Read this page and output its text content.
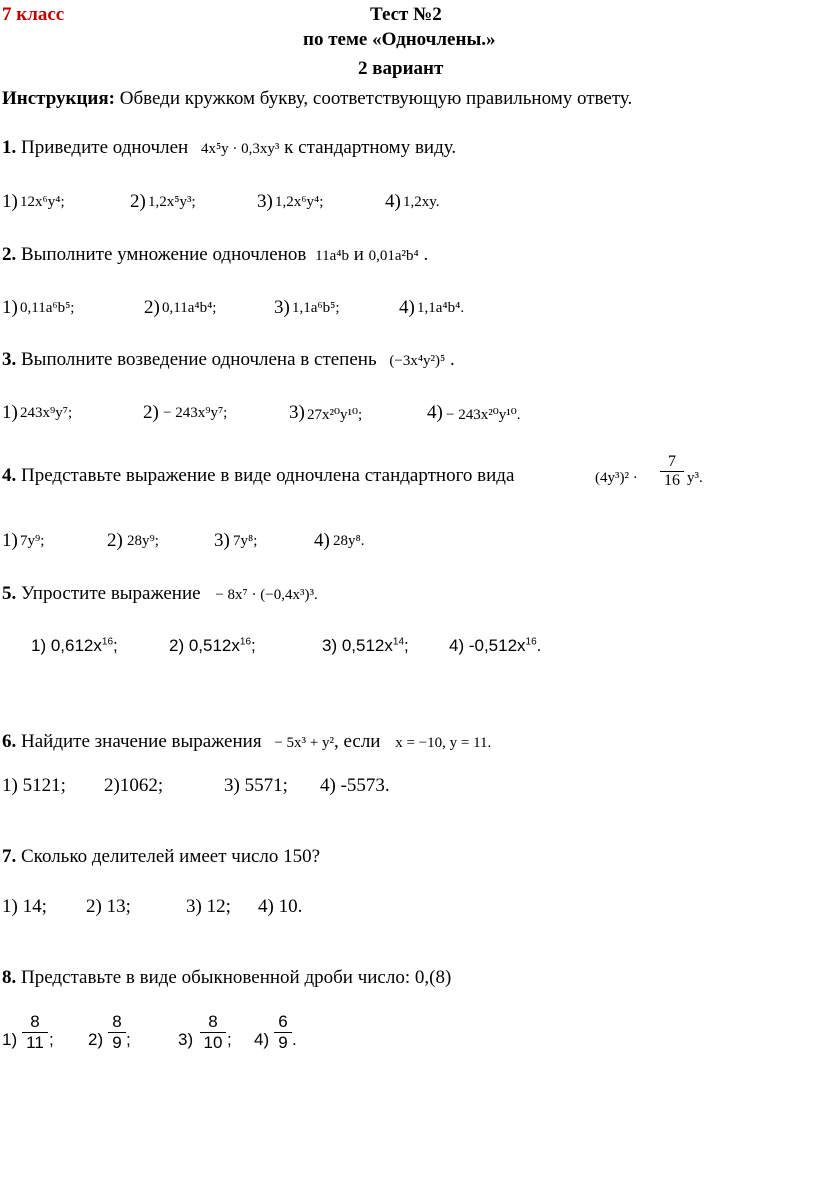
7 класс	Тест №2
по теме «Одночлены.»
2 вариант
Инструкция: Обведи кружком букву, соответствующую правильному ответу.
1. Приведите одночлен 4x⁵y · 0,3xy³ к стандартному виду.
1) 12x⁶y⁴;	2) 1,2x⁵y³;	3) 1,2x⁶y⁴;	4) 1,2xy.
2. Выполните умножение одночленов 11a⁴b и 0,01a²b⁴ .
1) 0,11a⁶b⁵;	2) 0,11a⁴b⁴;	3) 1,1a⁶b⁵;	4) 1,1a⁴b⁴.
3. Выполните возведение одночлена в степень (−3x⁴y²)⁵ .
1) 243x⁹y⁷;	2) − 243x⁹y⁷;	3) 27x²⁰y¹⁰;	4) − 243x²⁰y¹⁰.
4. Представьте выражение в виде одночлена стандартного вида	$(4y^3)^2 \cdot \frac{7}{16} y^3$.
1) 7y⁹;	2) 28y⁹;	3) 7y⁸;	4) 28y⁸.
5. Упростите выражение − 8x⁷ · (−0,4x³)³.
1) $0,612x^{16}$;	2) $0,512x^{16}$;	3) $0,512x^{14}$; 4) $-0,512x^{16}$.
6. Найдите значение выражения − 5x³ + y², если x = −10, y = 11.
1) 5121; 2)1062;	3) 5571; 4) -5573.
7. Сколько делителей имеет число 150?
1) 14; 2) 13;	3) 12; 4) 10.
8. Представьте в виде обыкновенной дроби число: 0,(8)
$1) \frac{8}{11}$ ; $2) \frac{8}{9}$ ;	$3) \frac{8}{10}$ ; $4) \frac{6}{9}$ .
